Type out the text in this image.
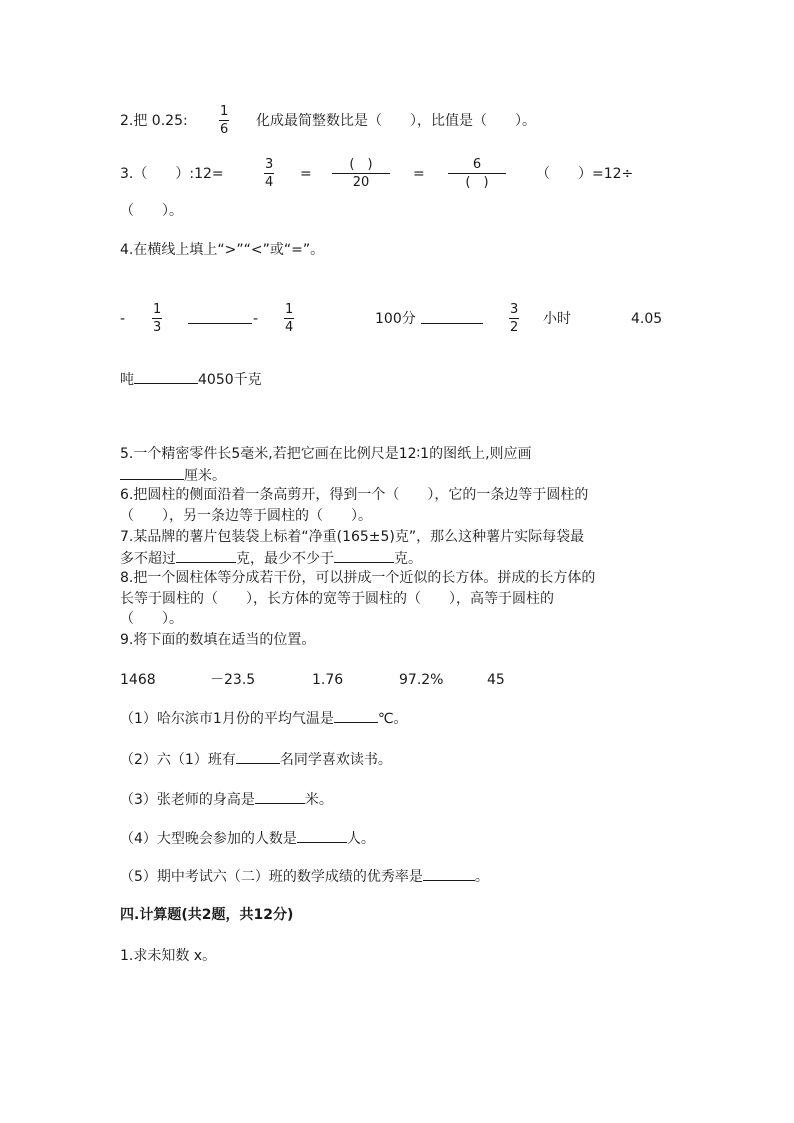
2.把 0.25:
1
6
化成最简整数比是（　　），比值是（　　）。
3.（　　）:12=
3
4
=
(　)
20
=
6
(　)
（　　）=12÷
（　　）。
4.在横线上填上“>”“<”或“=”。
-
1
3
-
1
4
100分
3
2
小时	4.05
吨	4050千克
5.一个精密零件长5毫米,若把它画在比例尺是12∶1的图纸上,则应画
厘米。
6.把圆柱的侧面沿着一条高剪开，得到一个（　　），它的一条边等于圆柱的
（　　），另一条边等于圆柱的（　　）。
7.某品牌的薯片包装袋上标着“净重(165±5)克”，那么这种薯片实际每袋最
多不超过	克，最少不少于	克。
8.把一个圆柱体等分成若干份，可以拼成一个近似的长方体。拼成的长方体的
长等于圆柱的（　　），长方体的宽等于圆柱的（　　），高等于圆柱的
（　　）。
9.将下面的数填在适当的位置。
1468	－23.5	1.76	97.2%	45
（1）哈尔滨市1月份的平均气温是	℃。
（2）六（1）班有	名同学喜欢读书。
（3）张老师的身高是	米。
（4）大型晚会参加的人数是	人。
（5）期中考试六（二）班的数学成绩的优秀率是	。
四.计算题(共2题，共12分)
1.求未知数 x。
